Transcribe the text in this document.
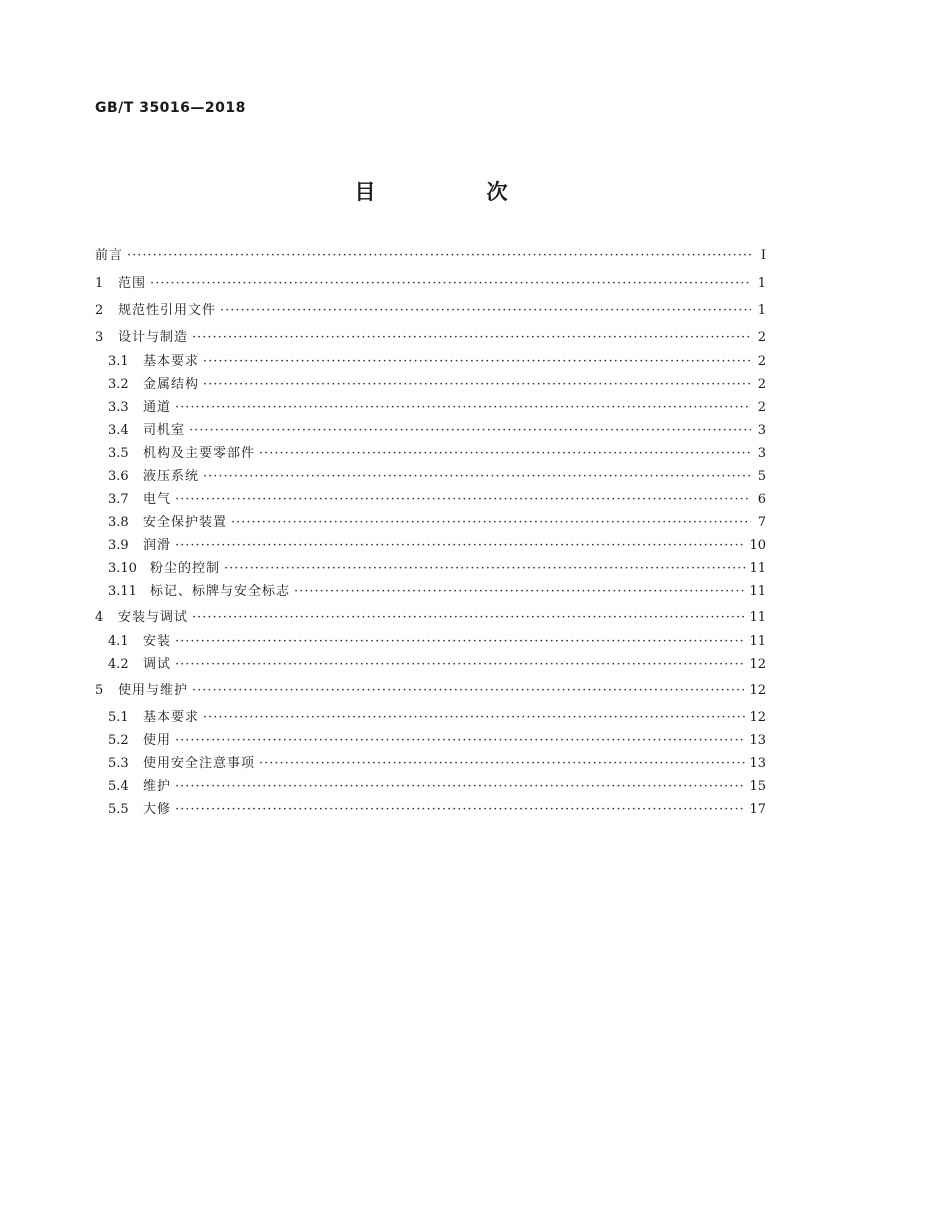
GB/T 35016—2018
目　次
前言 ·····	Ⅰ
1	范围 ·····	1
2	规范性引用文件 ·····	1
3	设计与制造 ·····	2
3.1	基本要求 ·····	2
3.2	金属结构 ·····	2
3.3	通道 ·····	2
3.4	司机室 ·····	3
3.5	机构及主要零部件 ·····	3
3.6	液压系统 ·····	5
3.7	电气 ·····	6
3.8	安全保护装置 ·····	7
3.9	润滑 ·····	10
3.10	粉尘的控制 ·····	11
3.11	标记、标牌与安全标志 ·····	11
4	安装与调试 ·····	11
4.1	安装 ·····	11
4.2	调试 ·····	12
5	使用与维护 ·····	12
5.1	基本要求 ·····	12
5.2	使用 ·····	13
5.3	使用安全注意事项 ·····	13
5.4	维护 ·····	15
5.5	大修 ·····	17
